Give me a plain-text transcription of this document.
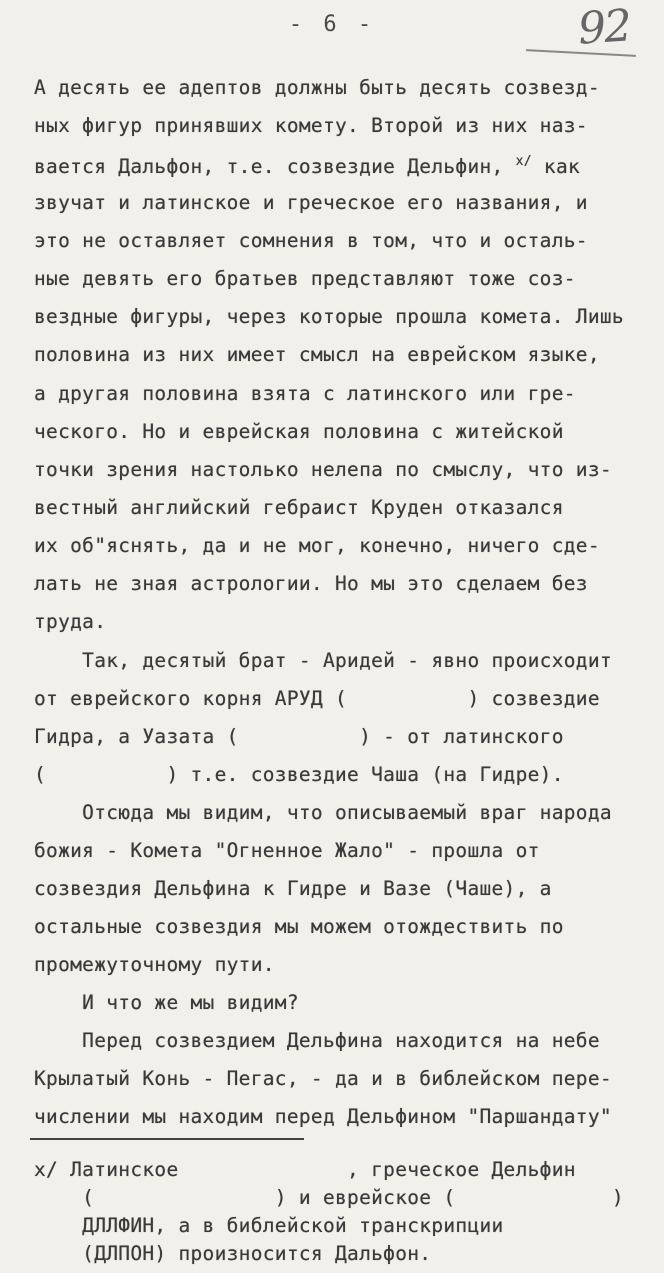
- 6 -	92
А десять ее адептов должны быть десять созвезд-
ных фигур принявших комету. Второй из них наз-
вается Дальфон, т.е. созвездие Дельфин, $^{x/}$ как
звучат и латинское и греческое его названия, и
это не оставляет сомнения в том, что и осталь-
ные девять его братьев представляют тоже соз-
вездные фигуры, через которые прошла комета. Лишь
половина из них имеет смысл на еврейском языке,
а другая половина взята с латинского или гре-
ческого. Но и еврейская половина с житейской
точки зрения настолько нелепа по смыслу, что из-
вестный английский гебраист Круден отказался
их об"яснять, да и не мог, конечно, ничего сде-
лать не зная астрологии. Но мы это сделаем без
труда.
Так, десятый брат - Аридей - явно происходит
от еврейского корня АРУД (          ) созвездие
Гидра, а Уазата (          ) - от латинского
(          ) т.е. созвездие Чаша (на Гидре).
Отсюда мы видим, что описываемый враг народа
божия - Комета "Огненное Жало" - прошла от
созвездия Дельфина к Гидре и Вазе (Чаше), а
остальные созвездия мы можем отождествить по
промежуточному пути.
И что же мы видим?
Перед созвездием Дельфина находится на небе
Крылатый Конь - Пегас, - да и в библейском пере-
числении мы находим перед Дельфином "Паршандату"
x/ Латинское              , греческое Дельфин
(               ) и еврейское (             )
ДЛЛФИН, а в библейской транскрипции
(ДЛПОН) произносится Дальфон.
